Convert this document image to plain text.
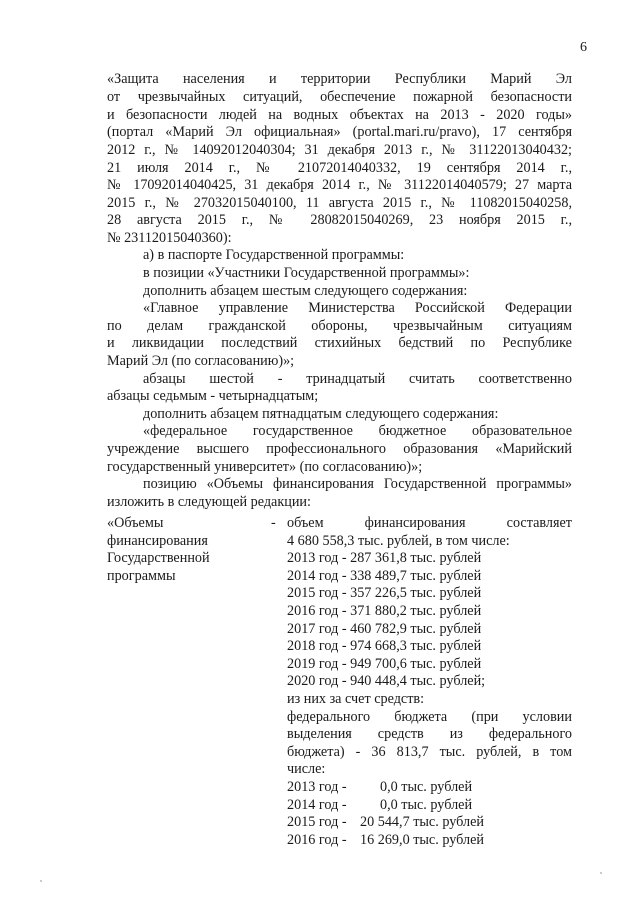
6
«Защита населения и территории Республики Марий Эл
от чрезвычайных ситуаций, обеспечение пожарной безопасности
и безопасности людей на водных объектах на 2013 - 2020 годы»
(портал «Марий Эл официальная» (portal.mari.ru/pravo), 17 сентября
2012 г., № 14092012040304; 31 декабря 2013 г., № 31122013040432;
21 июля 2014 г., № 21072014040332, 19 сентября 2014 г.,
№ 17092014040425, 31 декабря 2014 г., № 31122014040579; 27 марта
2015 г., № 27032015040100, 11 августа 2015 г., № 11082015040258,
28 августа 2015 г., № 28082015040269, 23 ноября 2015 г.,
№ 23112015040360):
а) в паспорте Государственной программы:
в позиции «Участники Государственной программы»:
дополнить абзацем шестым следующего содержания:
«Главное управление Министерства Российской Федерации
по делам гражданской обороны, чрезвычайным ситуациям
и ликвидации последствий стихийных бедствий по Республике
Марий Эл (по согласованию)»;
абзацы шестой - тринадцатый считать соответственно
абзацы седьмым - четырнадцатым;
дополнить абзацем пятнадцатым следующего содержания:
«федеральное государственное бюджетное образовательное
учреждение высшего профессионального образования «Марийский
государственный университет» (по согласованию)»;
позицию «Объемы финансирования Государственной программы»
изложить в следующей редакции:
«Объемы
финансирования
Государственной
программы
- объем финансирования составляет
4 680 558,3 тыс. рублей, в том числе:
2013 год - 287 361,8 тыс. рублей
2014 год - 338 489,7 тыс. рублей
2015 год - 357 226,5 тыс. рублей
2016 год - 371 880,2 тыс. рублей
2017 год - 460 782,9 тыс. рублей
2018 год - 974 668,3 тыс. рублей
2019 год - 949 700,6 тыс. рублей
2020 год - 940 448,4 тыс. рублей;
из них за счет средств:
федерального бюджета (при условии
выделения средств из федерального
бюджета) - 36 813,7 тыс. рублей, в том
числе:
2013 год - 0,0 тыс. рублей
2014 год - 0,0 тыс. рублей
2015 год - 20 544,7 тыс. рублей
2016 год - 16 269,0 тыс. рублей
